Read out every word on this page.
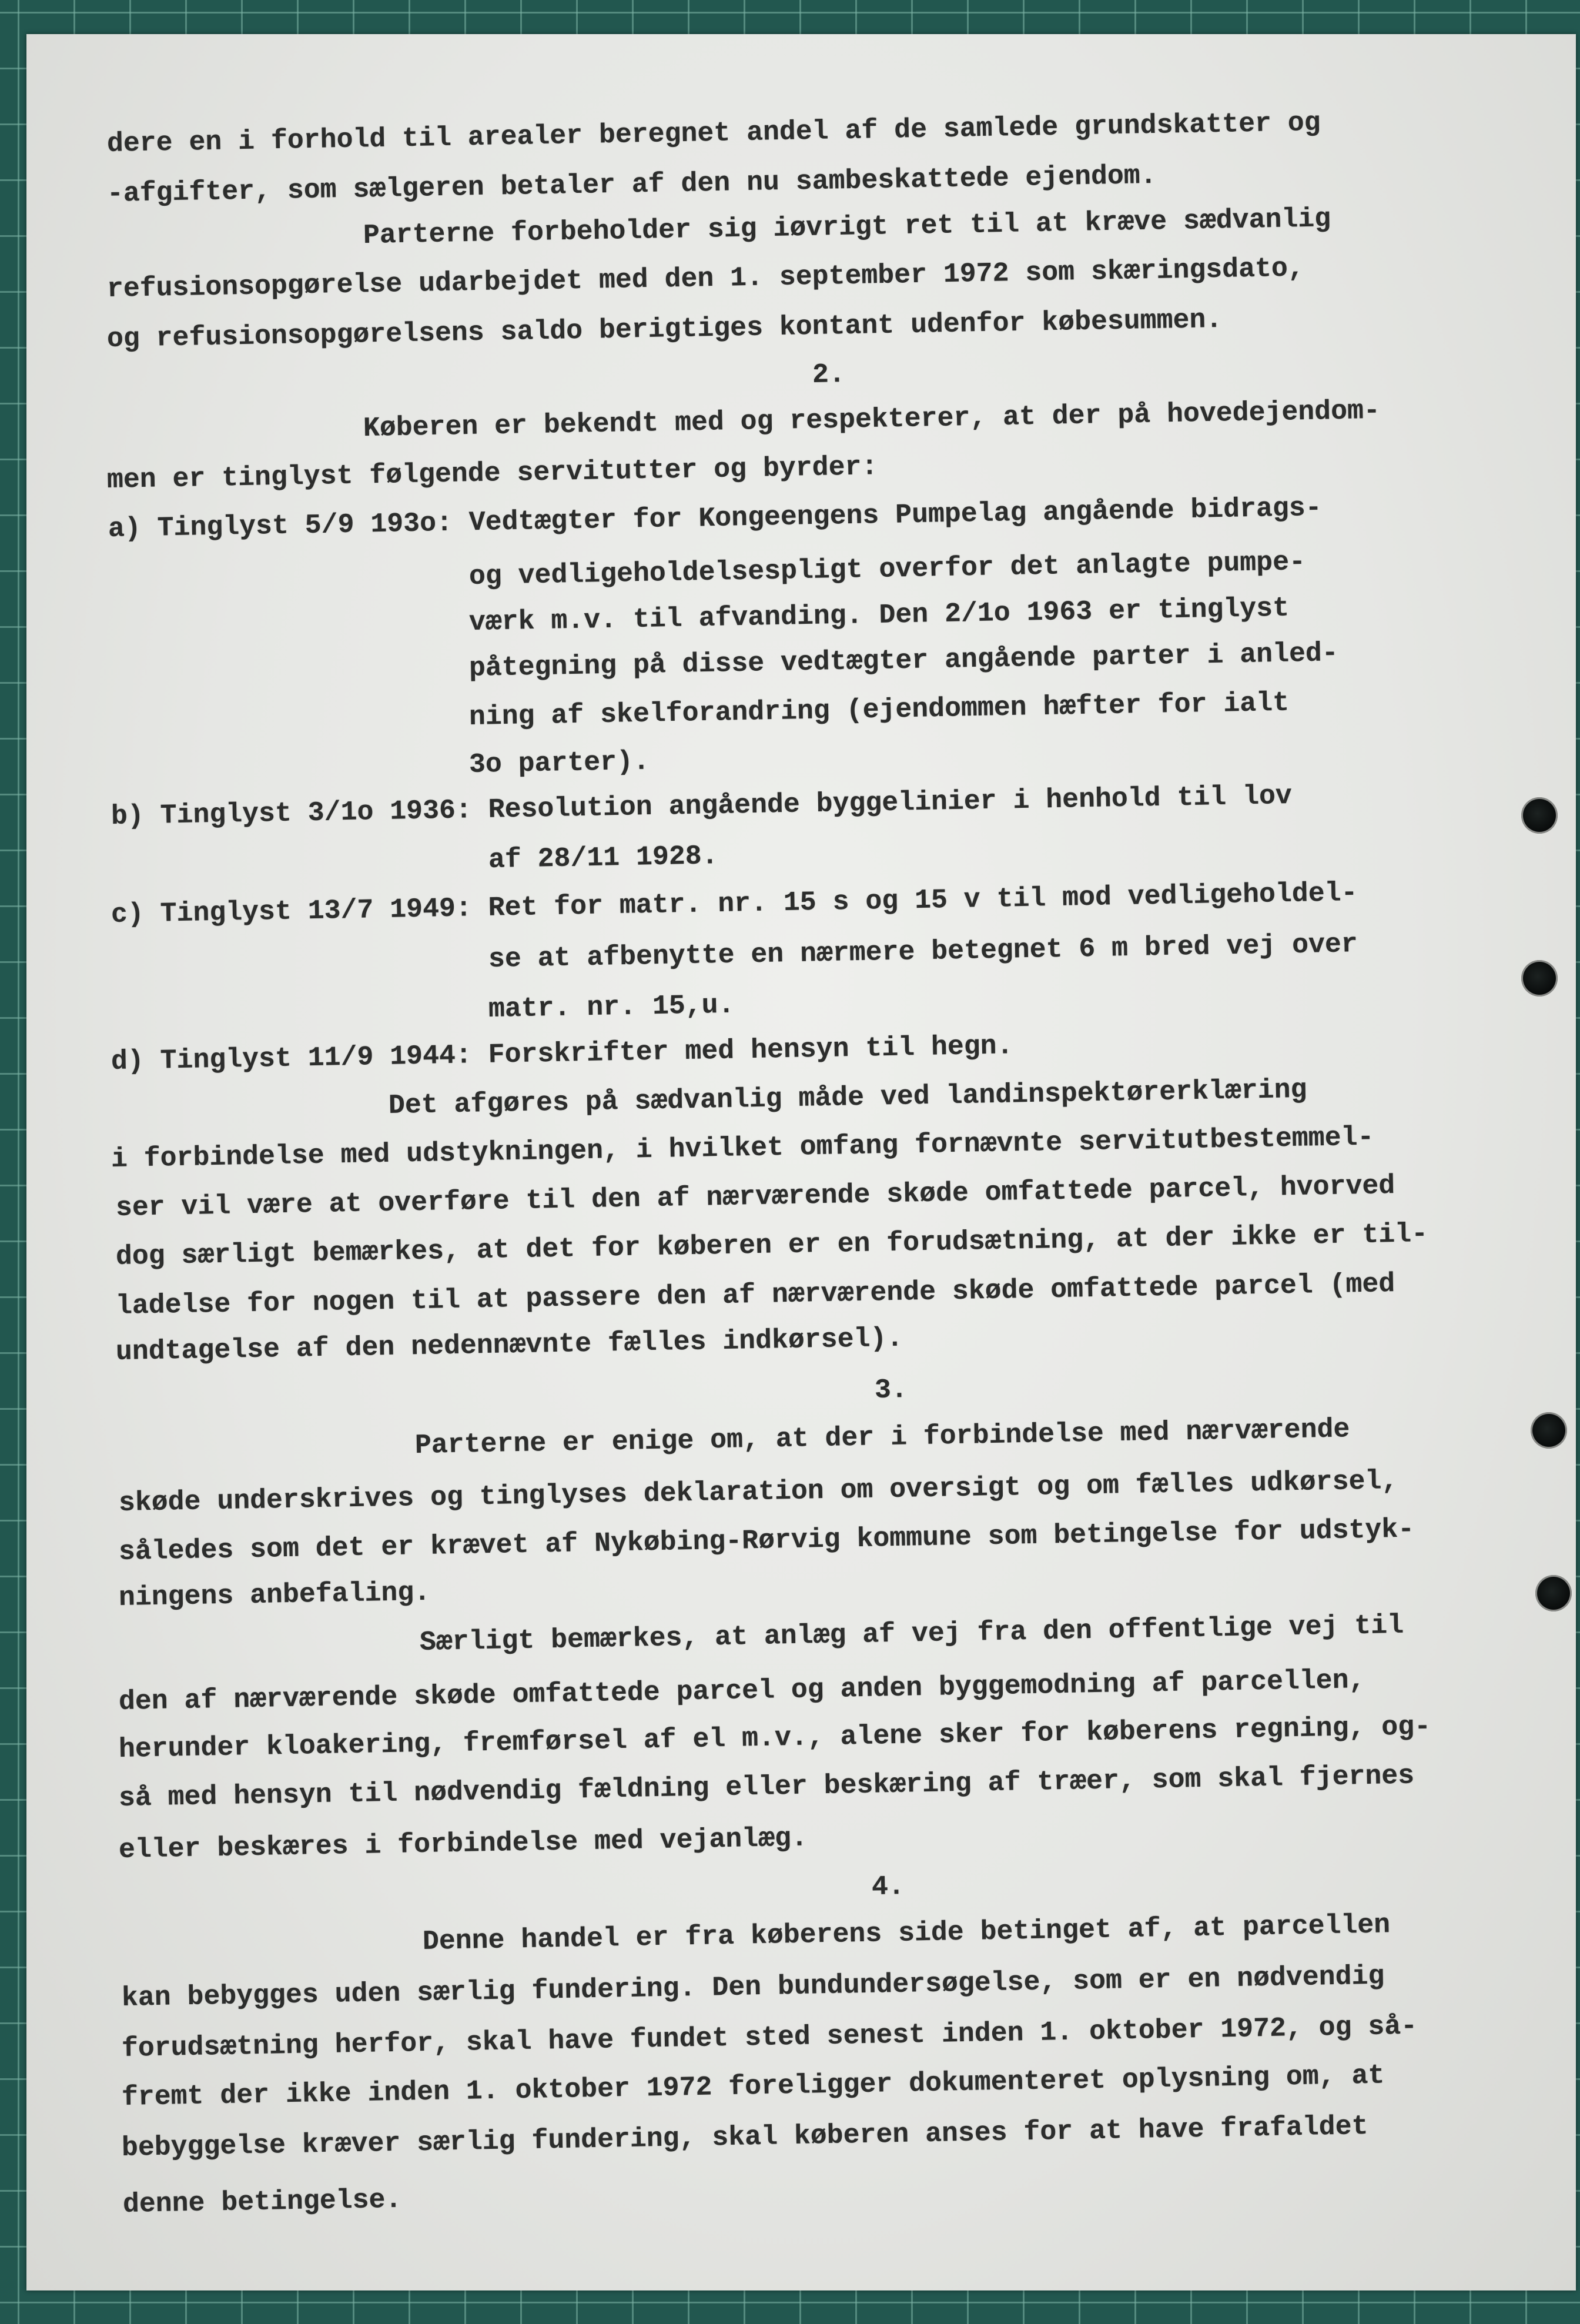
dere en i forhold til arealer beregnet andel af de samlede grundskatter og
-afgifter, som sælgeren betaler af den nu sambeskattede ejendom.
Parterne forbeholder sig iøvrigt ret til at kræve sædvanlig
refusionsopgørelse udarbejdet med den 1. september 1972 som skæringsdato,
og refusionsopgørelsens saldo berigtiges kontant udenfor købesummen.
2.
Køberen er bekendt med og respekterer, at der på hovedejendom-
men er tinglyst følgende servitutter og byrder:
a) Tinglyst 5/9 193o: Vedtægter for Kongeengens Pumpelag angående bidrags-
og vedligeholdelsespligt overfor det anlagte pumpe-
værk m.v. til afvanding. Den 2/1o 1963 er tinglyst
påtegning på disse vedtægter angående parter i anled-
ning af skelforandring (ejendommen hæfter for ialt
3o parter).
b) Tinglyst 3/1o 1936: Resolution angående byggelinier i henhold til lov
af 28/11 1928.
c) Tinglyst 13/7 1949: Ret for matr. nr. 15 s og 15 v til mod vedligeholdel-
se at afbenytte en nærmere betegnet 6 m bred vej over
matr. nr. 15,u.
d) Tinglyst 11/9 1944: Forskrifter med hensyn til hegn.
Det afgøres på sædvanlig måde ved landinspektørerklæring
i forbindelse med udstykningen, i hvilket omfang fornævnte servitutbestemmel-
ser vil være at overføre til den af nærværende skøde omfattede parcel, hvorved
dog særligt bemærkes, at det for køberen er en forudsætning, at der ikke er til-
ladelse for nogen til at passere den af nærværende skøde omfattede parcel (med
undtagelse af den nedennævnte fælles indkørsel).
3.
Parterne er enige om, at der i forbindelse med nærværende
skøde underskrives og tinglyses deklaration om oversigt og om fælles udkørsel,
således som det er krævet af Nykøbing-Rørvig kommune som betingelse for udstyk-
ningens anbefaling.
Særligt bemærkes, at anlæg af vej fra den offentlige vej til
den af nærværende skøde omfattede parcel og anden byggemodning af parcellen,
herunder kloakering, fremførsel af el m.v., alene sker for køberens regning, og-
så med hensyn til nødvendig fældning eller beskæring af træer, som skal fjernes
eller beskæres i forbindelse med vejanlæg.
4.
Denne handel er fra køberens side betinget af, at parcellen
kan bebygges uden særlig fundering. Den bundundersøgelse, som er en nødvendig
forudsætning herfor, skal have fundet sted senest inden 1. oktober 1972, og så-
fremt der ikke inden 1. oktober 1972 foreligger dokumenteret oplysning om, at
bebyggelse kræver særlig fundering, skal køberen anses for at have frafaldet
denne betingelse.
